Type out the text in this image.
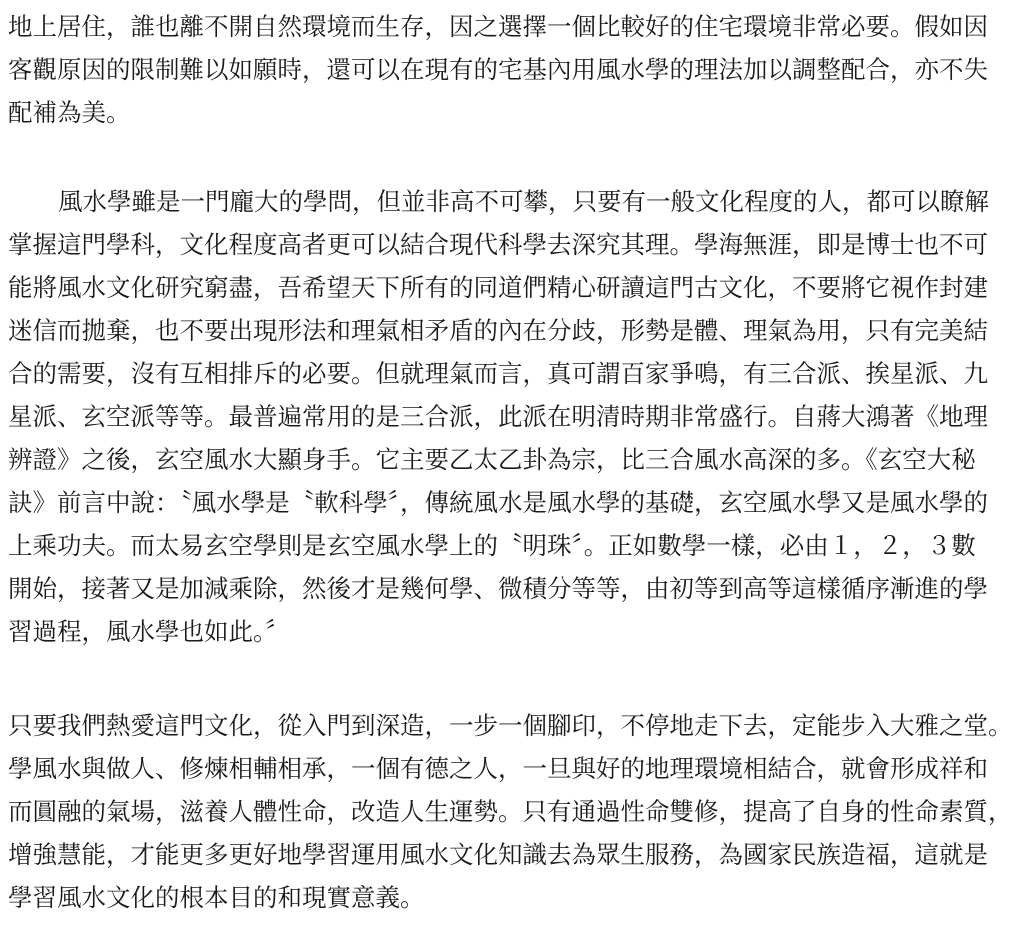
地上居住，誰也離不開自然環境而生存，因之選擇一個比較好的住宅環境非常必要。假如因
客觀原因的限制難以如願時，還可以在現有的宅基內用風水學的理法加以調整配合，亦不失
配補為美。
風水學雖是一門龐大的學問，但並非高不可攀，只要有一般文化程度的人，都可以瞭解
掌握這門學科，文化程度高者更可以結合現代科學去深究其理。學海無涯，即是博士也不可
能將風水文化研究窮盡，吾希望天下所有的同道們精心研讀這門古文化，不要將它視作封建
迷信而拋棄，也不要出現形法和理氣相矛盾的內在分歧，形勢是體、理氣為用，只有完美結
合的需要，沒有互相排斥的必要。但就理氣而言，真可謂百家爭鳴，有三合派、挨星派、九
星派、玄空派等等。最普遍常用的是三合派，此派在明清時期非常盛行。自蔣大鴻著《地理
辨證》之後，玄空風水大顯身手。它主要乙太乙卦為宗，比三合風水高深的多。《玄空大秘
訣》前言中說：〝風水學是〝軟科學〞，傳統風水是風水學的基礎，玄空風水學又是風水學的
上乘功夫。而太易玄空學則是玄空風水學上的〝明珠〞。正如數學一樣，必由１，２，３數
開始，接著又是加減乘除，然後才是幾何學、微積分等等，由初等到高等這樣循序漸進的學
習過程，風水學也如此。〞
只要我們熱愛這門文化，從入門到深造，一步一個腳印，不停地走下去，定能步入大雅之堂。
學風水與做人、修煉相輔相承，一個有德之人，一旦與好的地理環境相結合，就會形成祥和
而圓融的氣場，滋養人體性命，改造人生運勢。只有通過性命雙修，提高了自身的性命素質，
增強慧能，才能更多更好地學習運用風水文化知識去為眾生服務，為國家民族造福，這就是
學習風水文化的根本目的和現實意義。
